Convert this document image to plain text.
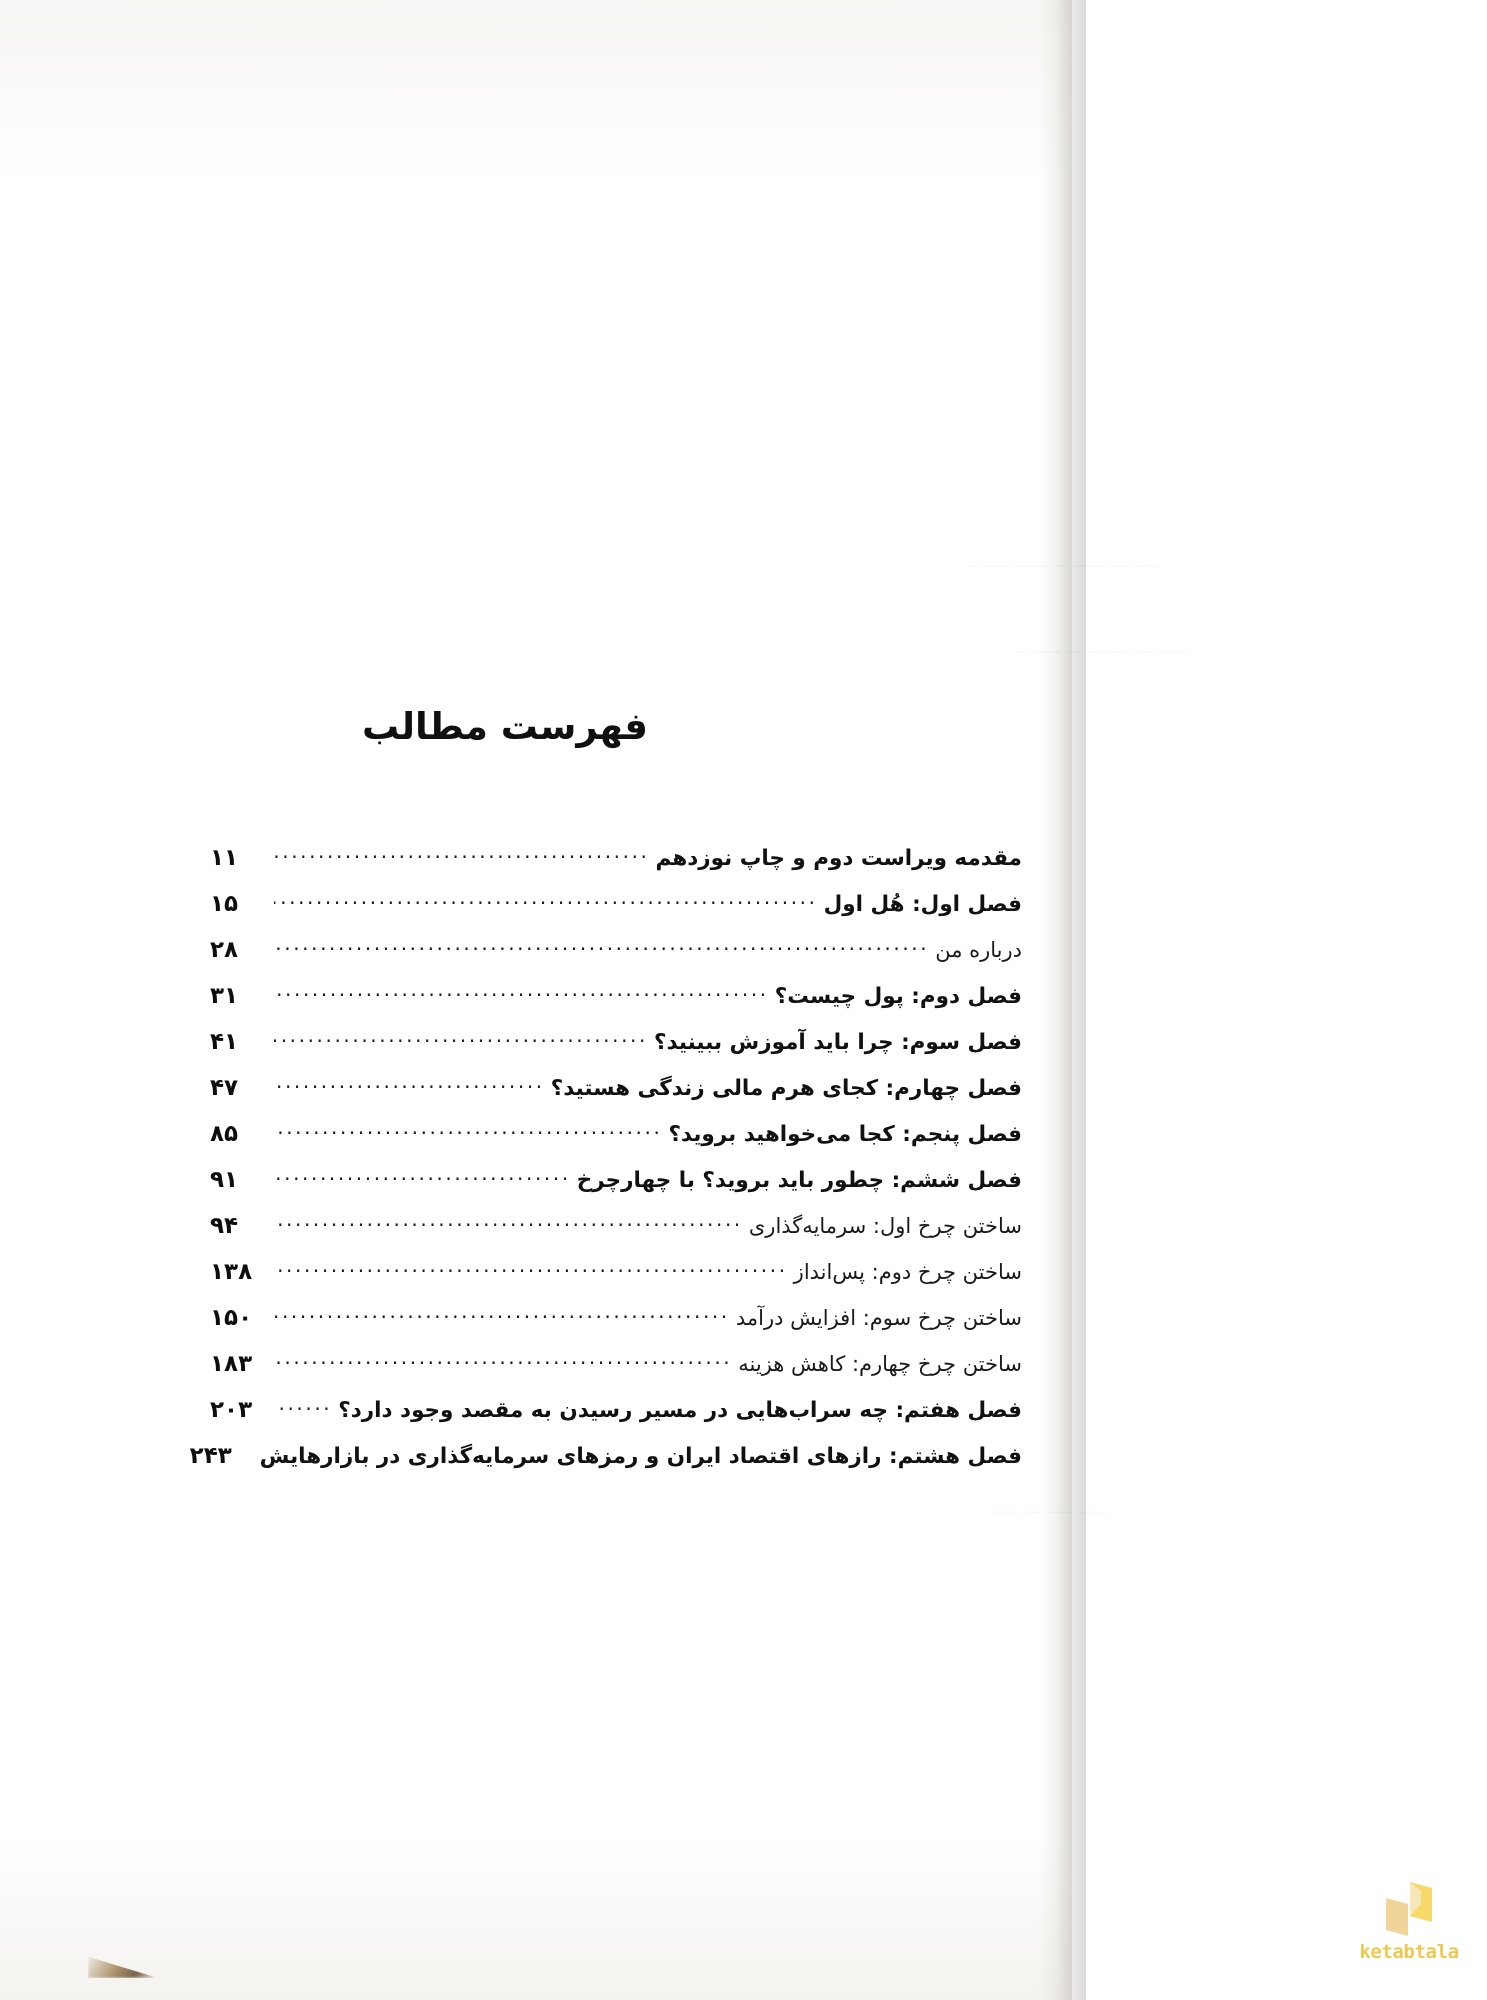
فهرست مطالب
مقدمه ویراست دوم و چاپ نوزدهم
.....
۱۱
فصل اول: هُل اول
.....
۱۵
درباره من
.....
۲۸
فصل دوم: پول چیست؟
.....
۳۱
فصل سوم: چرا باید آموزش ببینید؟
.....
۴۱
فصل چهارم: کجای هرم مالی زندگی هستید؟
.....
۴۷
فصل پنجم: کجا می‌خواهید بروید؟
.....
۸۵
فصل ششم: چطور باید بروید؟ با چهارچرخ
.....
۹۱
ساختن چرخ اول: سرمایه‌گذاری
.....
۹۴
ساختن چرخ دوم: پس‌انداز
.....
۱۳۸
ساختن چرخ سوم: افزایش درآمد
.....
۱۵۰
ساختن چرخ چهارم: کاهش هزینه
.....
۱۸۳
فصل هفتم: چه سراب‌هایی در مسیر رسیدن به مقصد وجود دارد؟
.....
۲۰۳
فصل هشتم: رازهای اقتصاد ایران و رمزهای سرمایه‌گذاری در بازارهایش
۲۴۳
ketabtala
